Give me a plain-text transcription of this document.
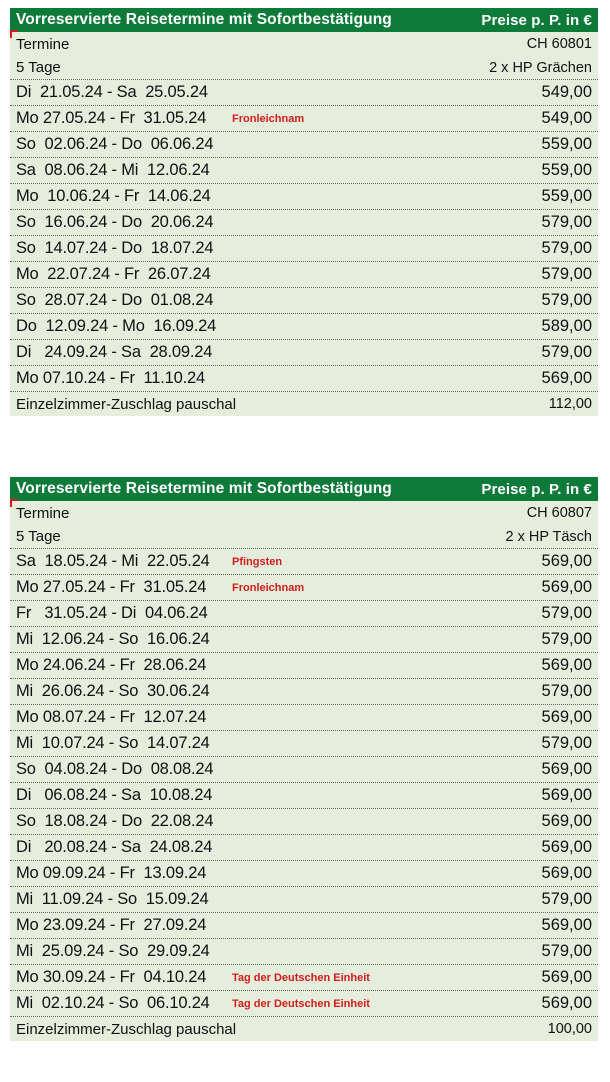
Vorreservierte Reisetermine mit Sofortbestätigung	Preise p. P. in €
Termine	CH 60801
5 Tage	2 x HP Grächen
Di  21.05.24 - Sa  25.05.24	549,00
Mo 27.05.24 - Fr  31.05.24 Fronleichnam	549,00
So  02.06.24 - Do  06.06.24	559,00
Sa  08.06.24 - Mi  12.06.24	559,00
Mo  10.06.24 - Fr  14.06.24	559,00
So  16.06.24 - Do  20.06.24	579,00
So  14.07.24 - Do  18.07.24	579,00
Mo  22.07.24 - Fr  26.07.24	579,00
So  28.07.24 - Do  01.08.24	579,00
Do  12.09.24 - Mo  16.09.24	589,00
Di   24.09.24 - Sa  28.09.24	579,00
Mo 07.10.24 - Fr  11.10.24	569,00
Einzelzimmer-Zuschlag pauschal	112,00
Vorreservierte Reisetermine mit Sofortbestätigung	Preise p. P. in €
Termine	CH 60807
5 Tage	2 x HP Täsch
Sa  18.05.24 - Mi  22.05.24 Pfingsten	569,00
Mo 27.05.24 - Fr  31.05.24 Fronleichnam	569,00
Fr   31.05.24 - Di  04.06.24	579,00
Mi  12.06.24 - So  16.06.24	579,00
Mo 24.06.24 - Fr  28.06.24	569,00
Mi  26.06.24 - So  30.06.24	579,00
Mo 08.07.24 - Fr  12.07.24	569,00
Mi  10.07.24 - So  14.07.24	579,00
So  04.08.24 - Do  08.08.24	569,00
Di   06.08.24 - Sa  10.08.24	569,00
So  18.08.24 - Do  22.08.24	569,00
Di   20.08.24 - Sa  24.08.24	569,00
Mo 09.09.24 - Fr  13.09.24	569,00
Mi  11.09.24 - So  15.09.24	579,00
Mo 23.09.24 - Fr  27.09.24	569,00
Mi  25.09.24 - So  29.09.24	579,00
Mo 30.09.24 - Fr  04.10.24 Tag der Deutschen Einheit	569,00
Mi  02.10.24 - So  06.10.24 Tag der Deutschen Einheit	569,00
Einzelzimmer-Zuschlag pauschal	100,00
